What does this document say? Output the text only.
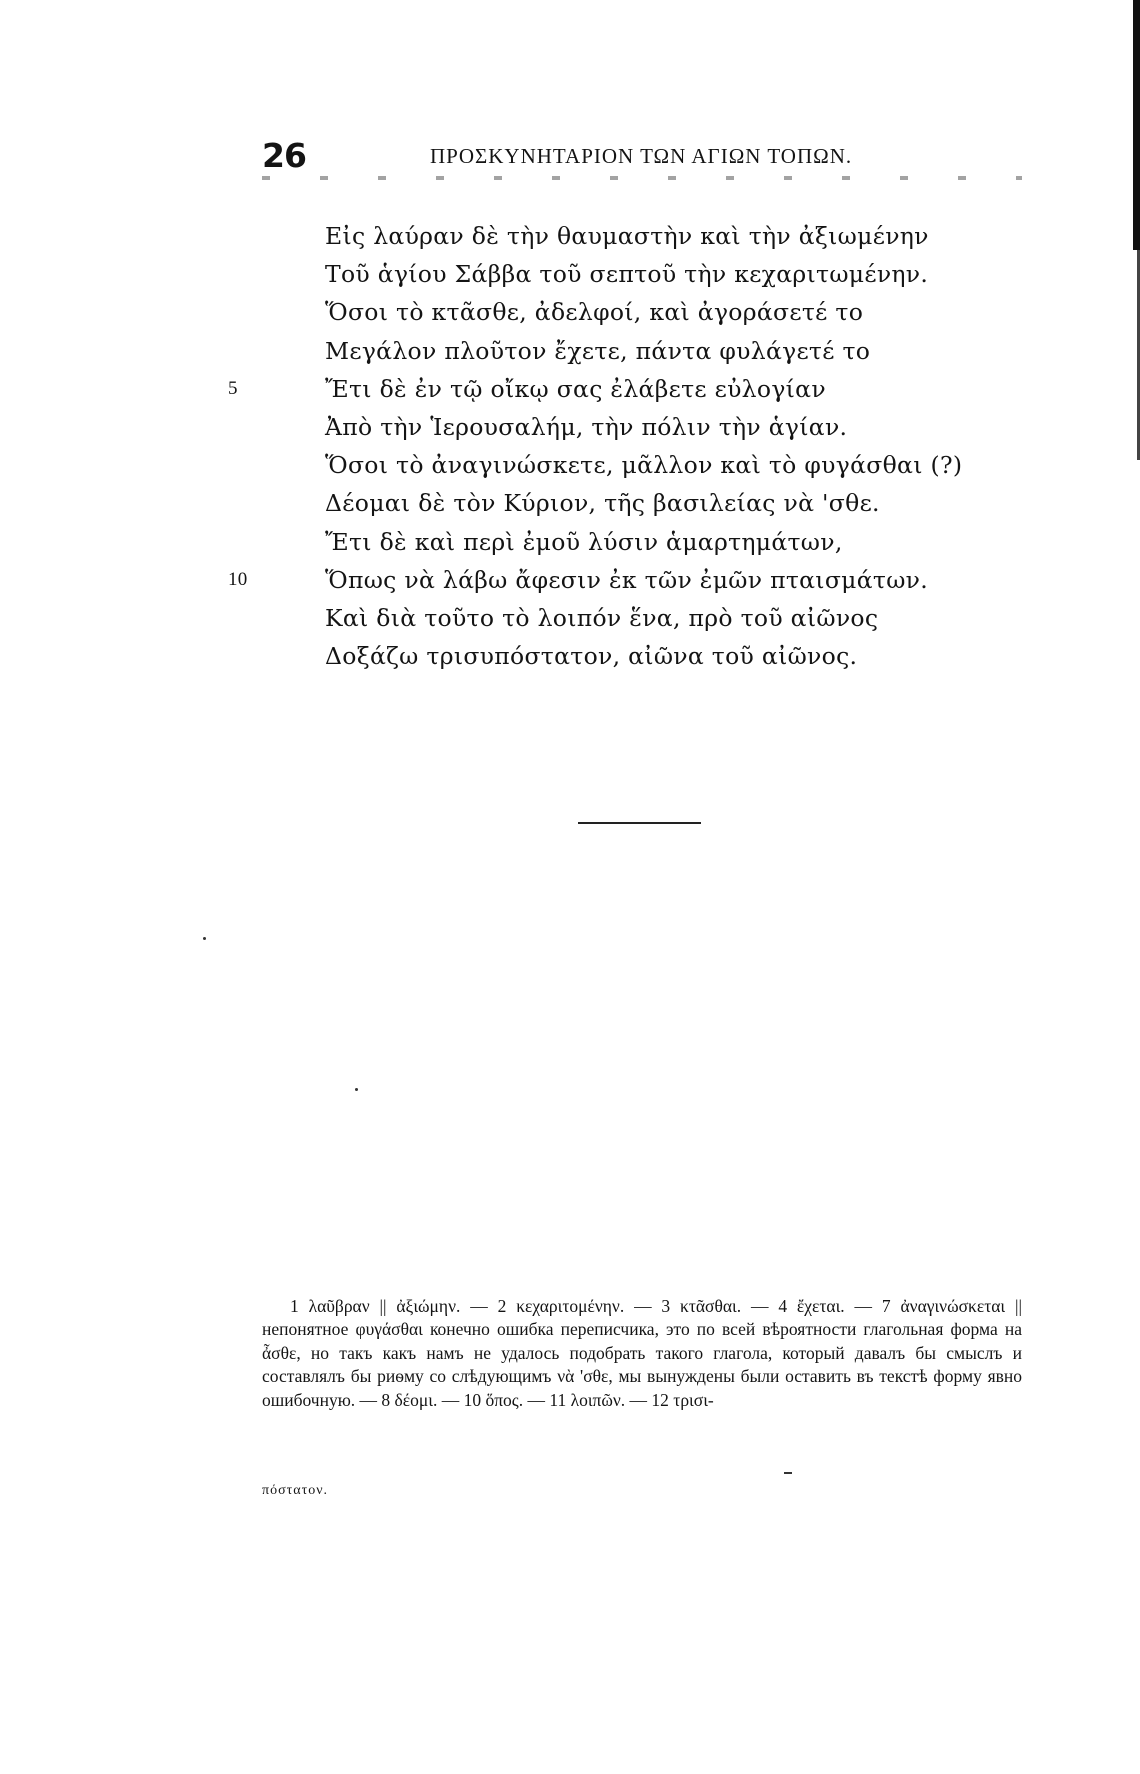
26	ΠΡΟΣΚΥΝΗΤΑΡΙΟΝ ΤΩΝ ΑΓΙΩΝ ΤΟΠΩΝ.
Εἰς λαύραν δὲ τὴν θαυμαστὴν καὶ τὴν ἀξιωμένην
Τοῦ ἁγίου Σάββα τοῦ σεπτοῦ τὴν κεχαριτωμένην.
Ὅσοι τὸ κτᾶσθε, ἀδελφοί, καὶ ἀγοράσετέ το
Μεγάλον πλοῦτον ἔχετε, πάντα φυλάγετέ το
5	Ἔτι δὲ ἐν τῷ οἴκῳ σας ἐλάβετε εὐλογίαν
Ἀπὸ τὴν Ἱερουσαλήμ, τὴν πόλιν τὴν ἁγίαν.
Ὅσοι τὸ ἀναγινώσκετε, μᾶλλον καὶ τὸ φυγάσθαι (?)
Δέομαι δὲ τὸν Κύριον, τῆς βασιλείας νὰ 'σθε.
Ἔτι δὲ καὶ περὶ ἐμοῦ λύσιν ἁμαρτημάτων,
10	Ὅπως νὰ λάβω ἄφεσιν ἐκ τῶν ἐμῶν πταισμάτων.
Καὶ διὰ τοῦτο τὸ λοιπόν ἕνα, πρὸ τοῦ αἰῶνος
Δοξάζω τρισυπόστατον, αἰῶνα τοῦ αἰῶνος.
1 λαῦβραν || ἀξιώμην. — 2 κεχαριτομένην. — 3 κτᾶσθαι. — 4 ἔχεται. — 7 ἀναγινώσκεται || непонятное φυγάσθαι конечно ошибка переписчика, это по всей вѣроятности глагольная форма на ἆσθε, но такъ какъ намъ не удалось подобрать такого глагола, который давалъ бы смыслъ и составлялъ бы риѳму со слѣдующимъ νὰ 'σθε, мы вынуждены были оставить въ текстѣ форму явно ошибочную. — 8 δέομι. — 10 ὅπος. — 11 λοιπῶν. — 12 τρισι-
πόστατον.
